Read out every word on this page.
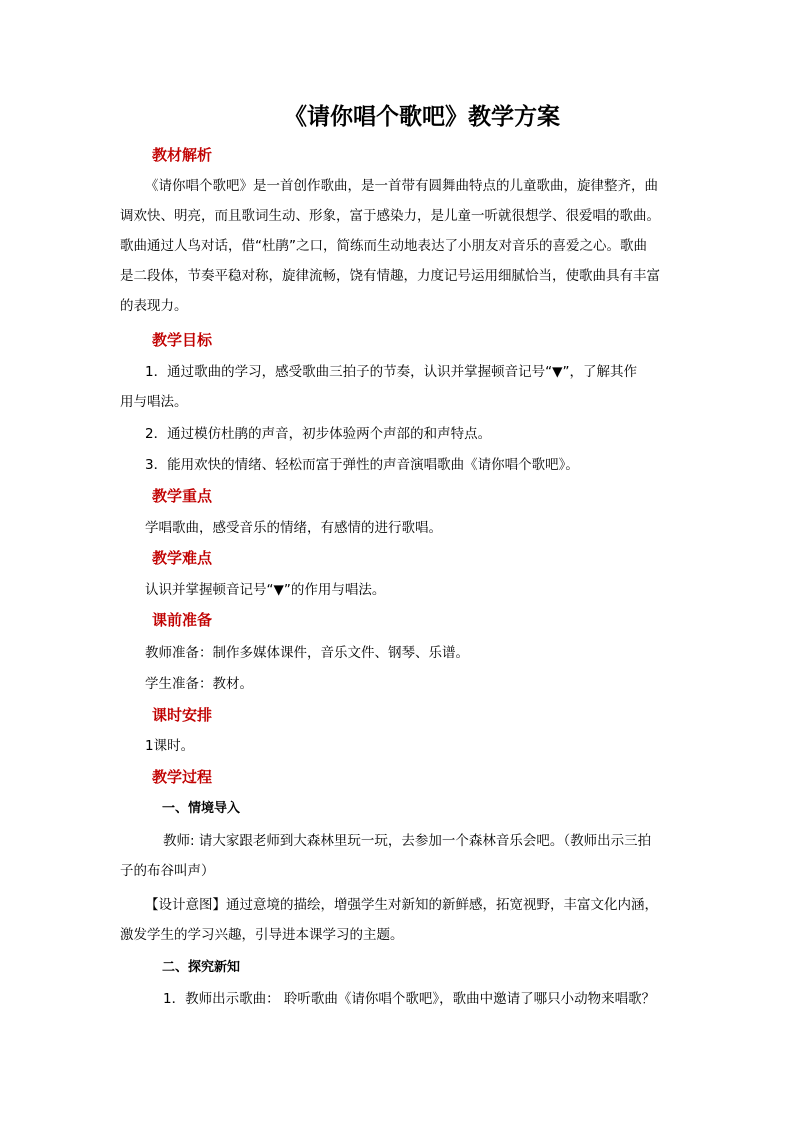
《请你唱个歌吧》教学方案
教材解析
《请你唱个歌吧》是一首创作歌曲，是一首带有圆舞曲特点的儿童歌曲，旋律整齐，曲
调欢快、明亮，而且歌词生动、形象，富于感染力，是儿童一听就很想学、很爱唱的歌曲。
歌曲通过人鸟对话，借“杜鹃”之口，简练而生动地表达了小朋友对音乐的喜爱之心。歌曲
是二段体，节奏平稳对称，旋律流畅，饶有情趣，力度记号运用细腻恰当，使歌曲具有丰富
的表现力。
教学目标
1．通过歌曲的学习，感受歌曲三拍子的节奏，认识并掌握顿音记号“▼”，了解其作
用与唱法。
2．通过模仿杜鹃的声音，初步体验两个声部的和声特点。
3．能用欢快的情绪、轻松而富于弹性的声音演唱歌曲《请你唱个歌吧》。
教学重点
学唱歌曲，感受音乐的情绪，有感情的进行歌唱。
教学难点
认识并掌握顿音记号“▼”的作用与唱法。
课前准备
教师准备：制作多媒体课件，音乐文件、钢琴、乐谱。
学生准备：教材。
课时安排
1课时。
教学过程
一、情境导入
教师: 请大家跟老师到大森林里玩一玩，去参加一个森林音乐会吧。（教师出示三拍
子的布谷叫声）
【设计意图】通过意境的描绘，增强学生对新知的新鲜感，拓宽视野，丰富文化内涵，
激发学生的学习兴趣，引导进本课学习的主题。
二、探究新知
1．教师出示歌曲： 聆听歌曲《请你唱个歌吧》，歌曲中邀请了哪只小动物来唱歌？
